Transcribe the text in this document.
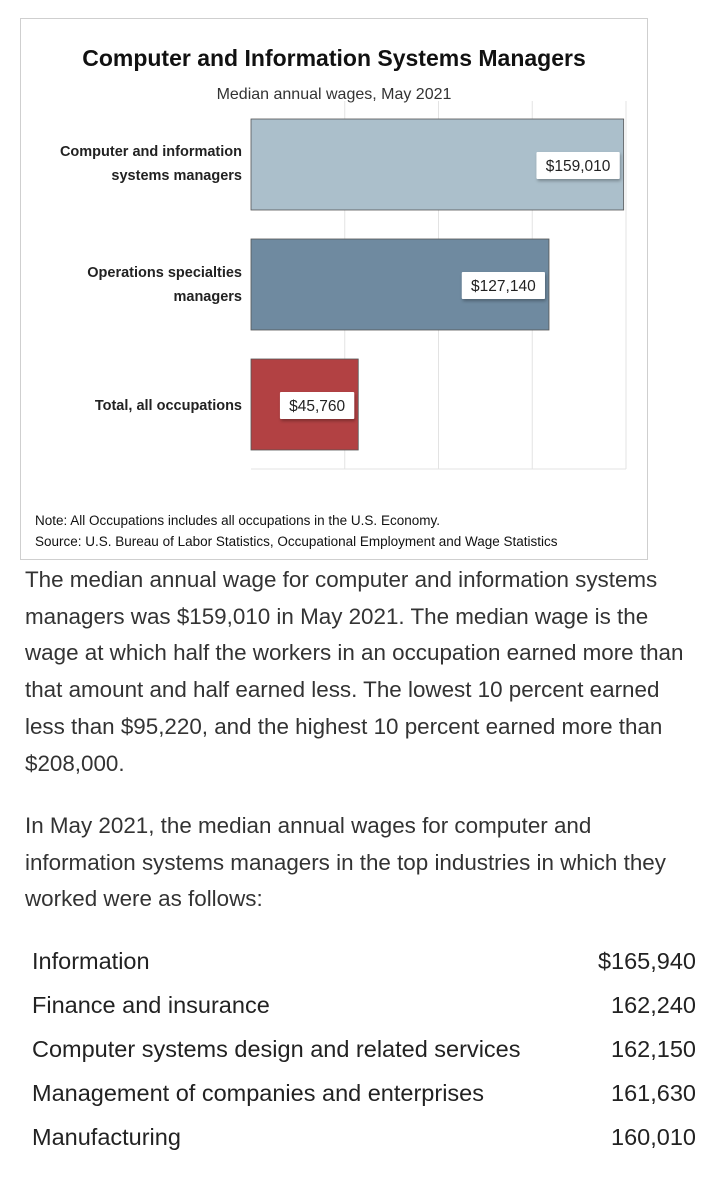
Computer and Information Systems Managers
Median annual wages, May 2021
Computer and information
systems managers
Operations specialties
managers
Total, all occupations
$159,010
$127,140
$45,760
Note: All Occupations includes all occupations in the U.S. Economy.
Source: U.S. Bureau of Labor Statistics, Occupational Employment and Wage Statistics

The median annual wage for computer and information systems managers was $159,010 in May 2021. The median wage is the wage at which half the workers in an occupation earned more than that amount and half earned less. The lowest 10 percent earned less than $95,220, and the highest 10 percent earned more than $208,000.

In May 2021, the median annual wages for computer and information systems managers in the top industries in which they worked were as follows:

Information	$165,940
Finance and insurance	162,240
Computer systems design and related services	162,150
Management of companies and enterprises	161,630
Manufacturing	160,010
